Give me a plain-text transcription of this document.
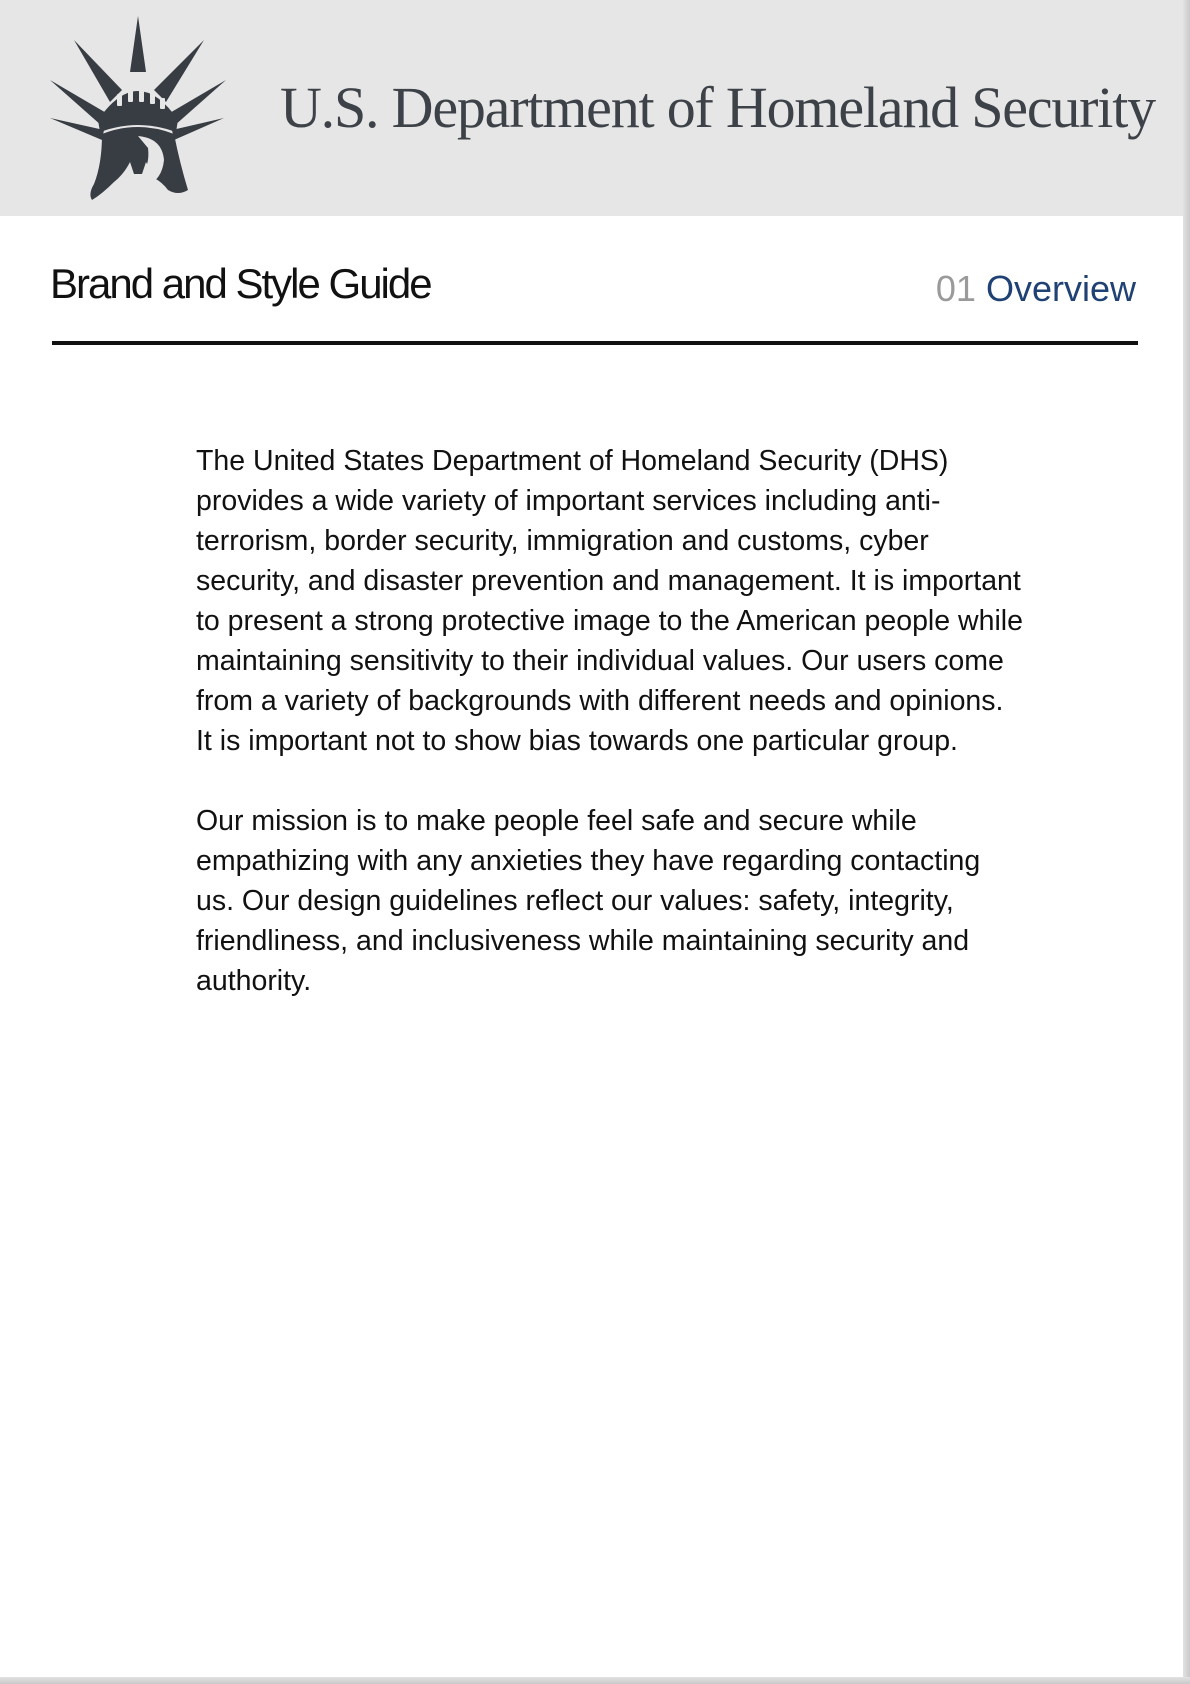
U.S. Department of Homeland Security
Brand and Style Guide	01 Overview

The United States Department of Homeland Security (DHS) provides a wide variety of important services including anti-terrorism, border security, immigration and customs, cyber security, and disaster prevention and management. It is important to present a strong protective image to the American people while maintaining sensitivity to their individual values. Our users come from a variety of backgrounds with different needs and opinions. It is important not to show bias towards one particular group.

Our mission is to make people feel safe and secure while empathizing with any anxieties they have regarding contacting us. Our design guidelines reflect our values: safety, integrity, friendliness, and inclusiveness while maintaining security and authority.
